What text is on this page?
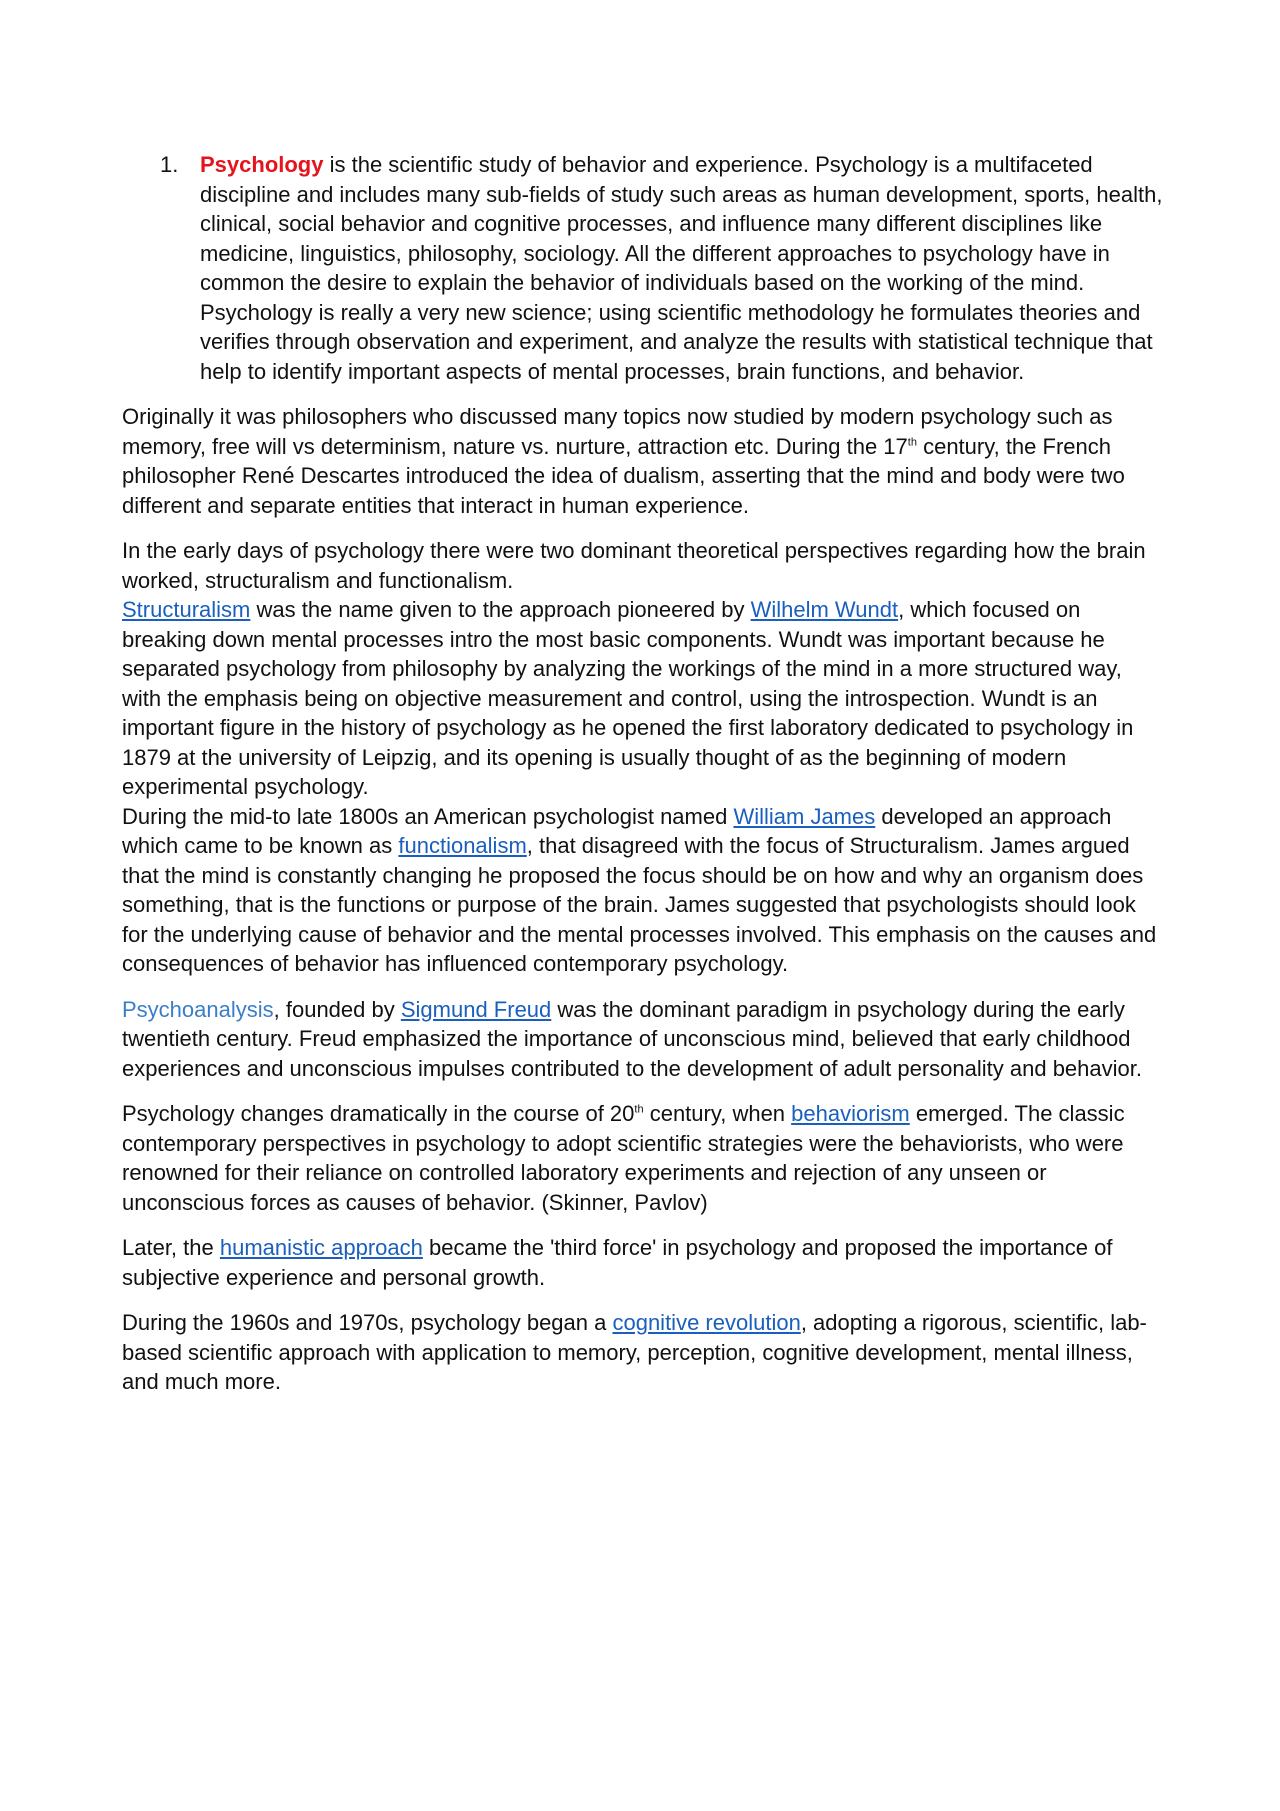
1. Psychology is the scientific study of behavior and experience. Psychology is a multifaceted discipline and includes many sub-fields of study such areas as human development, sports, health, clinical, social behavior and cognitive processes, and influence many different disciplines like medicine, linguistics, philosophy, sociology. All the different approaches to psychology have in common the desire to explain the behavior of individuals based on the working of the mind.

Psychology is really a very new science; using scientific methodology he formulates theories and verifies through observation and experiment, and analyze the results with statistical technique that help to identify important aspects of mental processes, brain functions, and behavior.

Originally it was philosophers who discussed many topics now studied by modern psychology such as memory, free will vs determinism, nature vs. nurture, attraction etc. During the 17th century, the French philosopher René Descartes introduced the idea of dualism, asserting that the mind and body were two different and separate entities that interact in human experience.

In the early days of psychology there were two dominant theoretical perspectives regarding how the brain worked, structuralism and functionalism.

Structuralism was the name given to the approach pioneered by Wilhelm Wundt, which focused on breaking down mental processes intro the most basic components. Wundt was important because he separated psychology from philosophy by analyzing the workings of the mind in a more structured way, with the emphasis being on objective measurement and control, using the introspection. Wundt is an important figure in the history of psychology as he opened the first laboratory dedicated to psychology in 1879 at the university of Leipzig, and its opening is usually thought of as the beginning of modern experimental psychology.

During the mid-to late 1800s an American psychologist named William James developed an approach which came to be known as functionalism, that disagreed with the focus of Structuralism. James argued that the mind is constantly changing he proposed the focus should be on how and why an organism does something, that is the functions or purpose of the brain. James suggested that psychologists should look for the underlying cause of behavior and the mental processes involved. This emphasis on the causes and consequences of behavior has influenced contemporary psychology.

Psychoanalysis, founded by Sigmund Freud was the dominant paradigm in psychology during the early twentieth century. Freud emphasized the importance of unconscious mind, believed that early childhood experiences and unconscious impulses contributed to the development of adult personality and behavior.

Psychology changes dramatically in the course of 20th century, when behaviorism emerged. The classic contemporary perspectives in psychology to adopt scientific strategies were the behaviorists, who were renowned for their reliance on controlled laboratory experiments and rejection of any unseen or unconscious forces as causes of behavior. (Skinner, Pavlov)

Later, the humanistic approach became the 'third force' in psychology and proposed the importance of subjective experience and personal growth.

During the 1960s and 1970s, psychology began a cognitive revolution, adopting a rigorous, scientific, lab-based scientific approach with application to memory, perception, cognitive development, mental illness, and much more.
